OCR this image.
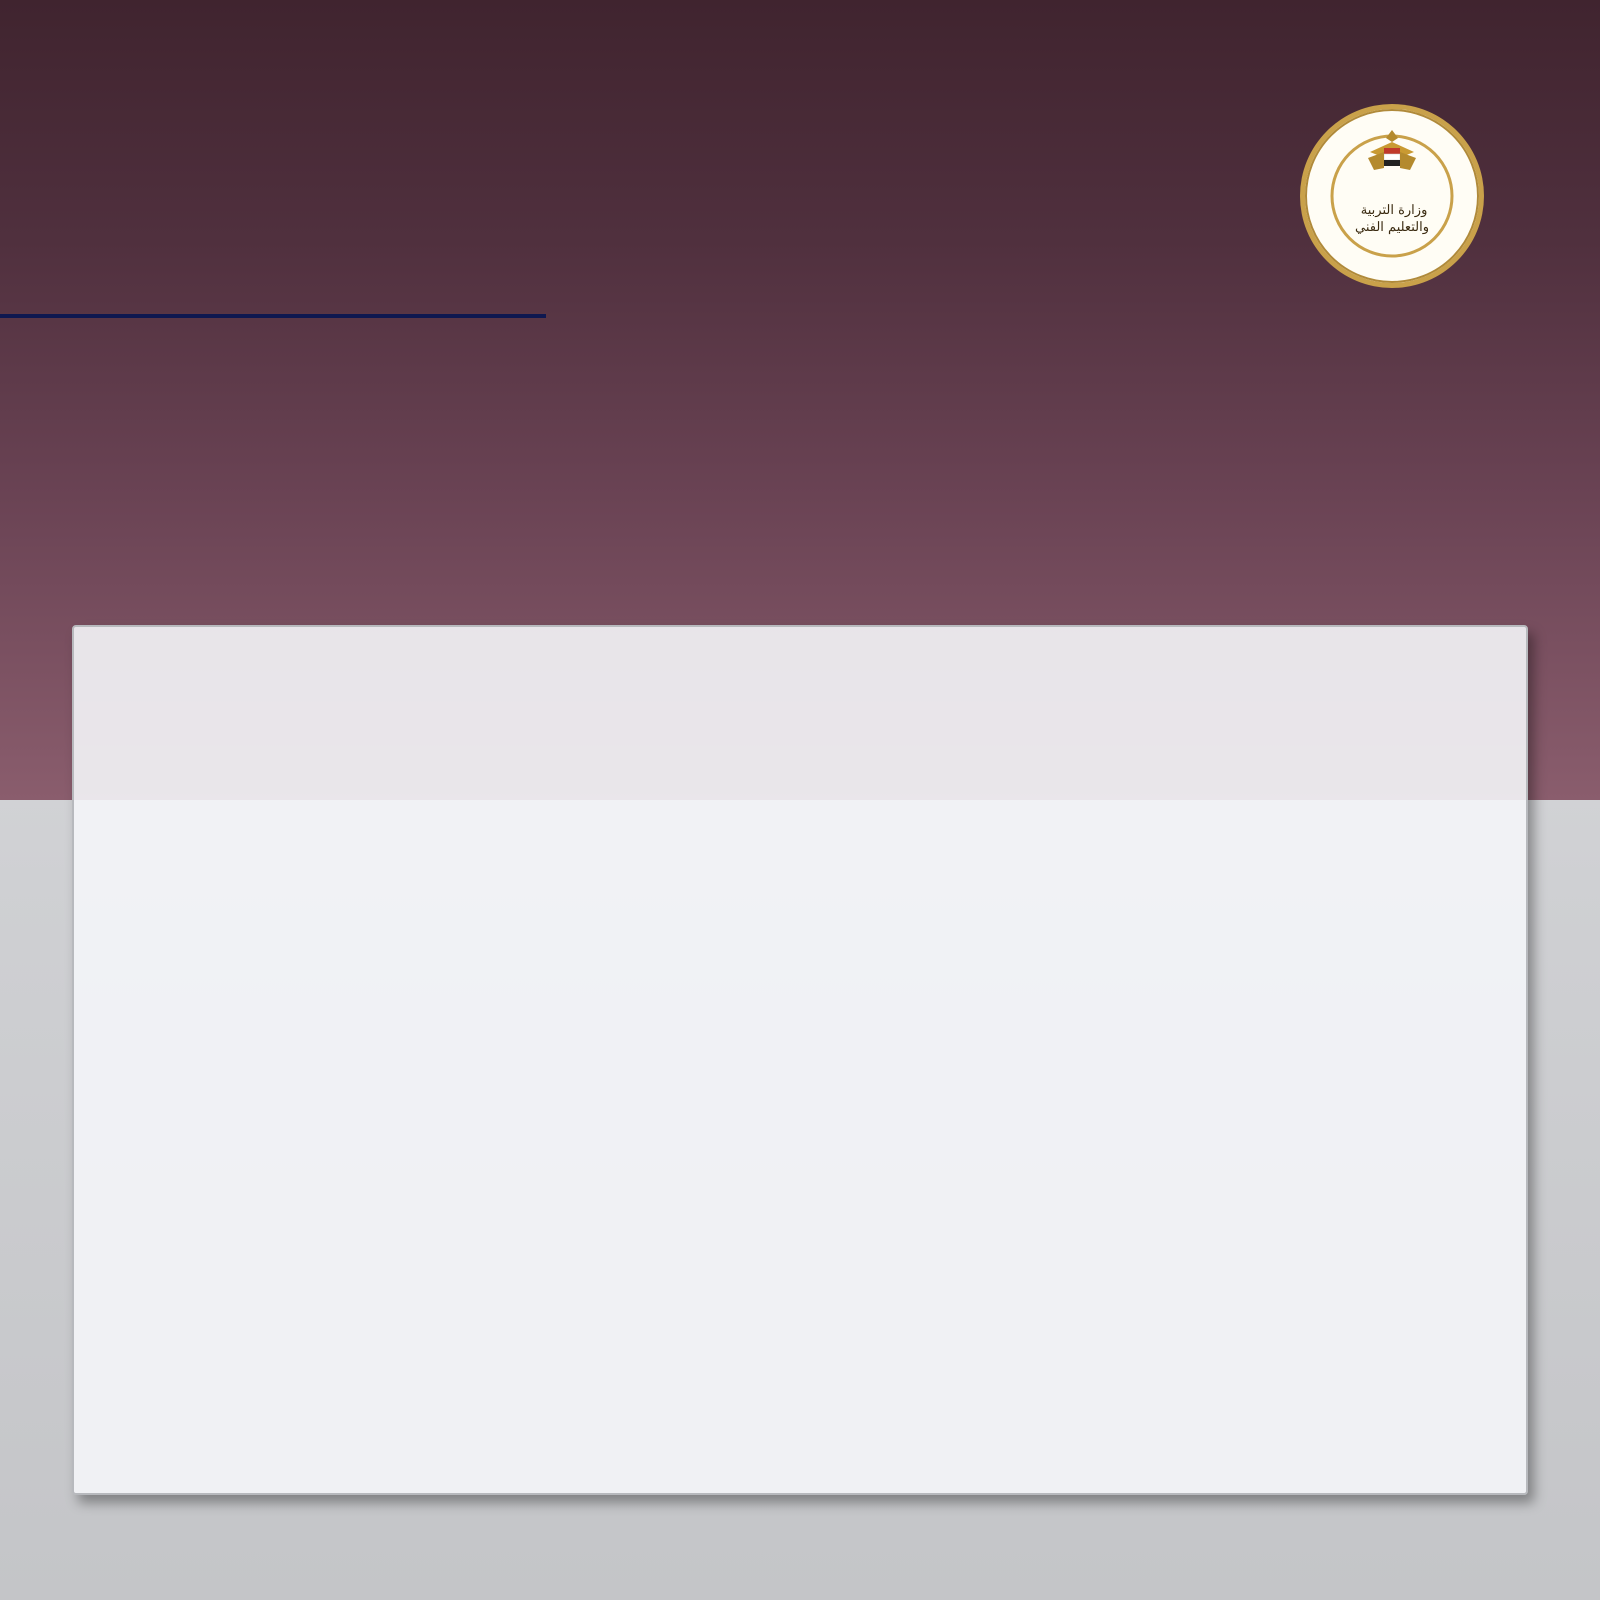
وزارة التربية والتعليم الفني
